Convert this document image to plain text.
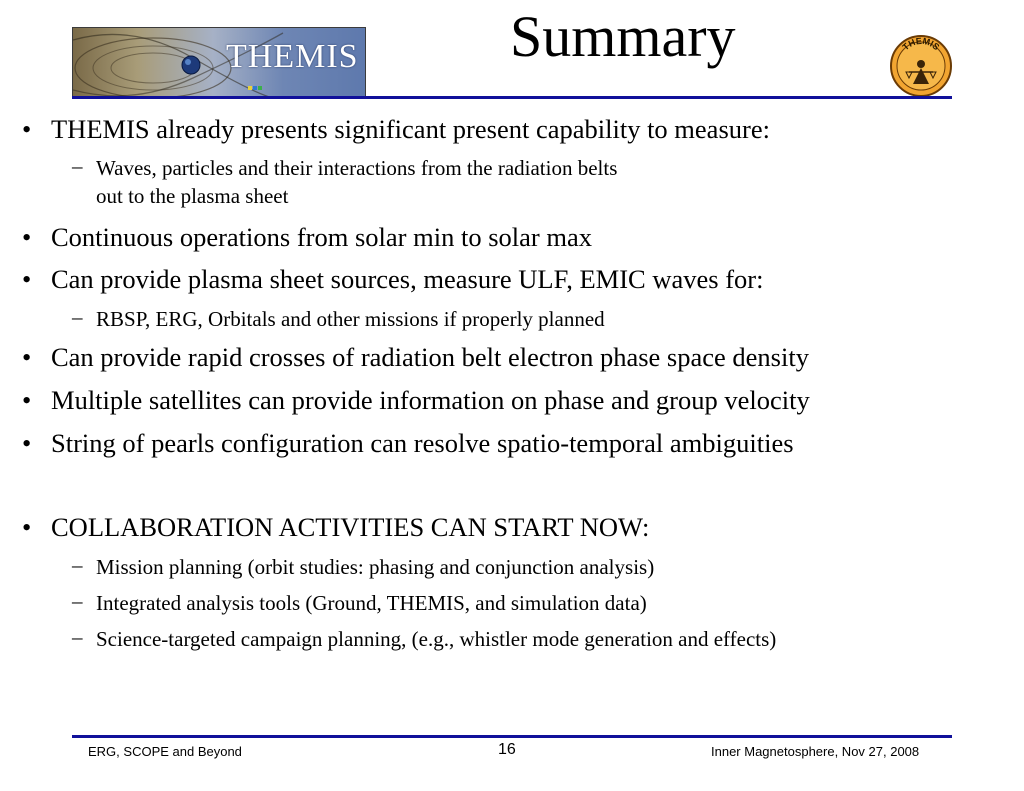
THEMIS	Summary	THEMIS
• THEMIS already presents significant present capability to measure:
– Waves, particles and their interactions from the radiation belts
out to the plasma sheet
• Continuous operations from solar min to solar max
• Can provide plasma sheet sources, measure ULF, EMIC waves for:
– RBSP, ERG, Orbitals and other missions if properly planned
• Can provide rapid crosses of radiation belt electron phase space density
• Multiple satellites can provide information on phase and group velocity
• String of pearls configuration can resolve spatio-temporal ambiguities
• COLLABORATION ACTIVITIES CAN START NOW:
– Mission planning (orbit studies: phasing and conjunction analysis)
– Integrated analysis tools (Ground, THEMIS, and simulation data)
– Science-targeted campaign planning, (e.g., whistler mode generation and effects)
ERG, SCOPE and Beyond	16	Inner Magnetosphere, Nov 27, 2008
